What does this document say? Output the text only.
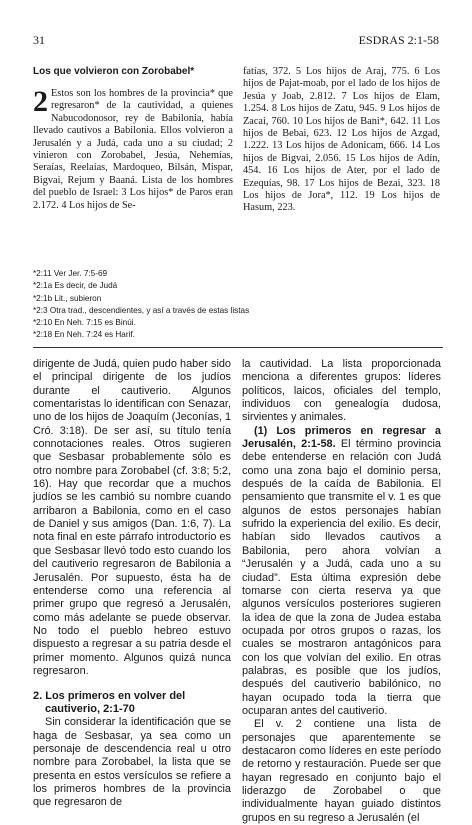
31	ESDRAS 2:1-58
Los que volvieron con Zorobabel*

2 Estos son los hombres de la provincia* que regresaron* de la cautividad, a quienes Nabucodonosor, rey de Babilonia, había llevado cautivos a Babilonia. Ellos volvieron a Jerusalén y a Judá, cada uno a su ciudad; 2 vinieron con Zorobabel, Jesúa, Nehemías, Seraías, Reelaías, Mardoqueo, Bilsán, Mispar, Bigvai, Rejum y Baaná. Lista de los hombres del pueblo de Israel: 3 Los hijos* de Paros eran 2.172. 4 Los hijos de Se-

fatías, 372. 5 Los hijos de Araj, 775. 6 Los hijos de Pajat-moab, por el lado de los hijos de Jesúa y Joab, 2.812. 7 Los hijos de Elam, 1.254. 8 Los hijos de Zatu, 945. 9 Los hijos de Zacai, 760. 10 Los hijos de Bani*, 642. 11 Los hijos de Bebai, 623. 12 Los hijos de Azgad, 1.222. 13 Los hijos de Adonicam, 666. 14 Los hijos de Bigvai, 2.056. 15 Los hijos de Adín, 454. 16 Los hijos de Ater, por el lado de Ezequías, 98. 17 Los hijos de Bezai, 323. 18 Los hijos de Jora*, 112. 19 Los hijos de Hasum, 223.

*2:11 Ver Jer. 7:5-69
*2:1a Es decir, de Judá
*2:1b Lit., subieron
*2:3 Otra trad., descendientes, y así a través de estas listas
*2:10 En Neh. 7:15 es Binúi.
*2:18 En Neh. 7:24 es Harif.

dirigente de Judá, quien pudo haber sido el principal dirigente de los judíos durante el cautiverio. Algunos comentaristas lo identifican con Senazar, uno de los hijos de Joaquím (Jeconías, 1 Cró. 3:18). De ser así, su título tenía connotaciones reales. Otros sugieren que Sesbasar probablemente sólo es otro nombre para Zorobabel (cf. 3:8; 5:2, 16). Hay que recordar que a muchos judíos se les cambió su nombre cuando arribaron a Babilonia, como en el caso de Daniel y sus amigos (Dan. 1:6, 7). La nota final en este párrafo introductorio es que Sesbasar llevó todo esto cuando los del cautiverio regresaron de Babilonia a Jerusalén. Por supuesto, ésta ha de entenderse como una referencia al primer grupo que regresó a Jerusalén, como más adelante se puede observar. No todo el pueblo hebreo estuvo dispuesto a regresar a su patria desde el primer momento. Algunos quizá nunca regresaron.

2. Los primeros en volver del
cautiverio, 2:1-70

Sin considerar la identificación que se haga de Sesbasar, ya sea como un personaje de descendencia real u otro nombre para Zorobabel, la lista que se presenta en estos versículos se refiere a los primeros hombres de la provincia que regresaron de

la cautividad. La lista proporcionada menciona a diferentes grupos: líderes políticos, laicos, oficiales del templo, individuos con genealogía dudosa, sirvientes y animales.

(1) Los primeros en regresar a Jerusalén, 2:1-58. El término provincia debe entenderse en relación con Judá como una zona bajo el dominio persa, después de la caída de Babilonia. El pensamiento que transmite el v. 1 es que algunos de estos personajes habían sufrido la experiencia del exilio. Es decir, habían sido llevados cautivos a Babilonia, pero ahora volvían a “Jerusalén y a Judá, cada uno a su ciudad”. Esta última expresión debe tomarse con cierta reserva ya que algunos versículos posteriores sugieren la idea de que la zona de Judea estaba ocupada por otros grupos o razas, los cuales se mostraron antagónicos para con los que volvían del exilio. En otras palabras, es posible que los judíos, después del cautiverio babilónico, no hayan ocupado toda la tierra que ocuparan antes del cautiverio.

El v. 2 contiene una lista de personajes que aparentemente se destacaron como líderes en este período de retorno y restauración. Puede ser que hayan regresado en conjunto bajo el liderazgo de Zorobabel o que individualmente hayan guiado distintos grupos en su regreso a Jerusalén (el
